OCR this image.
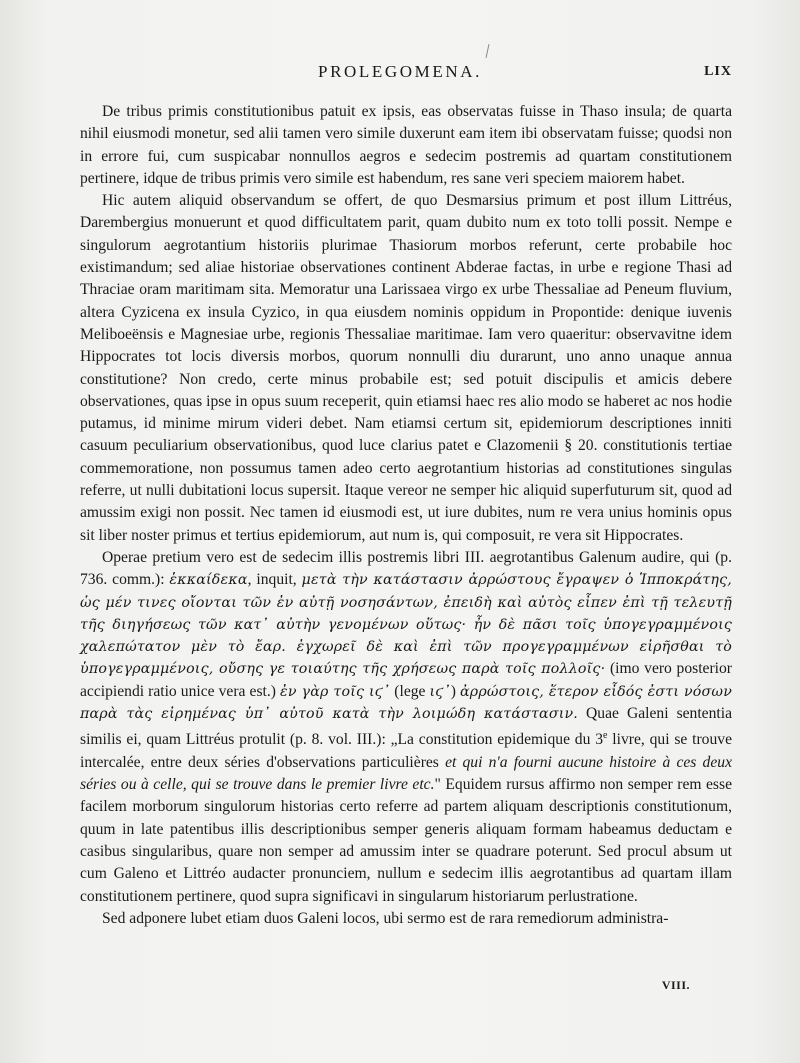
PROLEGOMENA.	LIX

De tribus primis constitutionibus patuit ex ipsis, eas observatas fuisse in Thaso insula; de quarta nihil eiusmodi monetur, sed alii tamen vero simile duxerunt eam item ibi observatam fuisse; quodsi non in errore fui, cum suspicabar nonnullos aegros e sedecim postremis ad quartam constitutionem pertinere, idque de tribus primis vero simile est habendum, res sane veri speciem maiorem habet.

Hic autem aliquid observandum se offert, de quo Desmarsius primum et post illum Littréus, Darembergius monuerunt et quod difficultatem parit, quam dubito num ex toto tolli possit. Nempe e singulorum aegrotantium historiis plurimae Thasiorum morbos referunt, certe probabile hoc existimandum; sed aliae historiae observationes continent Abderae factas, in urbe e regione Thasi ad Thraciae oram maritimam sita. Memoratur una Larissaea virgo ex urbe Thessaliae ad Peneum fluvium, altera Cyzicena ex insula Cyzico, in qua eiusdem nominis oppidum in Propontide: denique iuvenis Meliboeënsis e Magnesiae urbe, regionis Thessaliae maritimae. Iam vero quaeritur: observavitne idem Hippocrates tot locis diversis morbos, quorum nonnulli diu durarunt, uno anno unaque annua constitutione? Non credo, certe minus probabile est; sed potuit discipulis et amicis debere observationes, quas ipse in opus suum receperit, quin etiamsi haec res alio modo se haberet ac nos hodie putamus, id minime mirum videri debet. Nam etiamsi certum sit, epidemiorum descriptiones inniti casuum peculiarium observationibus, quod luce clarius patet e Clazomenii § 20. constitutionis tertiae commemoratione, non possumus tamen adeo certo aegrotantium historias ad constitutiones singulas referre, ut nulli dubitationi locus supersit. Itaque vereor ne semper hic aliquid superfuturum sit, quod ad amussim exigi non possit. Nec tamen id eiusmodi est, ut iure dubites, num re vera unius hominis opus sit liber noster primus et tertius epidemiorum, aut num is, qui composuit, re vera sit Hippocrates.

Operae pretium vero est de sedecim illis postremis libri III. aegrotantibus Galenum audire, qui (p. 736. comm.): ἑκκαίδεκα, inquit, μετὰ τὴν κατάστασιν ἀρρώστους ἔγραψεν ὁ Ἱπποκράτης, ὡς μέν τινες οἴονται τῶν ἐν αὐτῇ νοσησάντων, ἐπειδὴ καὶ αὐτὸς εἶπεν ἐπὶ τῇ τελευτῇ τῆς διηγήσεως τῶν κατ᾽ αὐτὴν γενομένων οὕτως· ἦν δὲ πᾶσι τοῖς ὑπογεγραμμένοις χαλεπώτατον μὲν τὸ ἔαρ. ἐγχωρεῖ δὲ καὶ ἐπὶ τῶν προγεγραμμένων εἰρῆσθαι τὸ ὑπογεγραμμένοις, οὔσης γε τοιαύτης τῆς χρήσεως παρὰ τοῖς πολλοῖς· (imo vero posterior accipiendi ratio unice vera est.) ἐν γὰρ τοῖς ιϛ᾽ (lege ιϛ᾽) ἀρρώστοις, ἕτερον εἶδός ἐστι νόσων παρὰ τὰς εἰρημένας ὑπ᾽ αὐτοῦ κατὰ τὴν λοιμώδη κατάστασιν. Quae Galeni sententia similis ei, quam Littréus protulit (p. 8. vol. III.): „La constitution epidemique du 3e livre, qui se trouve intercalée, entre deux séries d'observations particulières et qui n'a fourni aucune histoire à ces deux séries ou à celle, qui se trouve dans le premier livre etc." Equidem rursus affirmo non semper rem esse facilem morborum singulorum historias certo referre ad partem aliquam descriptionis constitutionum, quum in late patentibus illis descriptionibus semper generis aliquam formam habeamus deductam e casibus singularibus, quare non semper ad amussim inter se quadrare poterunt. Sed procul absum ut cum Galeno et Littréo audacter pronunciem, nullum e sedecim illis aegrotantibus ad quartam illam constitutionem pertinere, quod supra significavi in singularum historiarum perlustratione.

Sed adponere lubet etiam duos Galeni locos, ubi sermo est de rara remediorum administra-

VIII.
